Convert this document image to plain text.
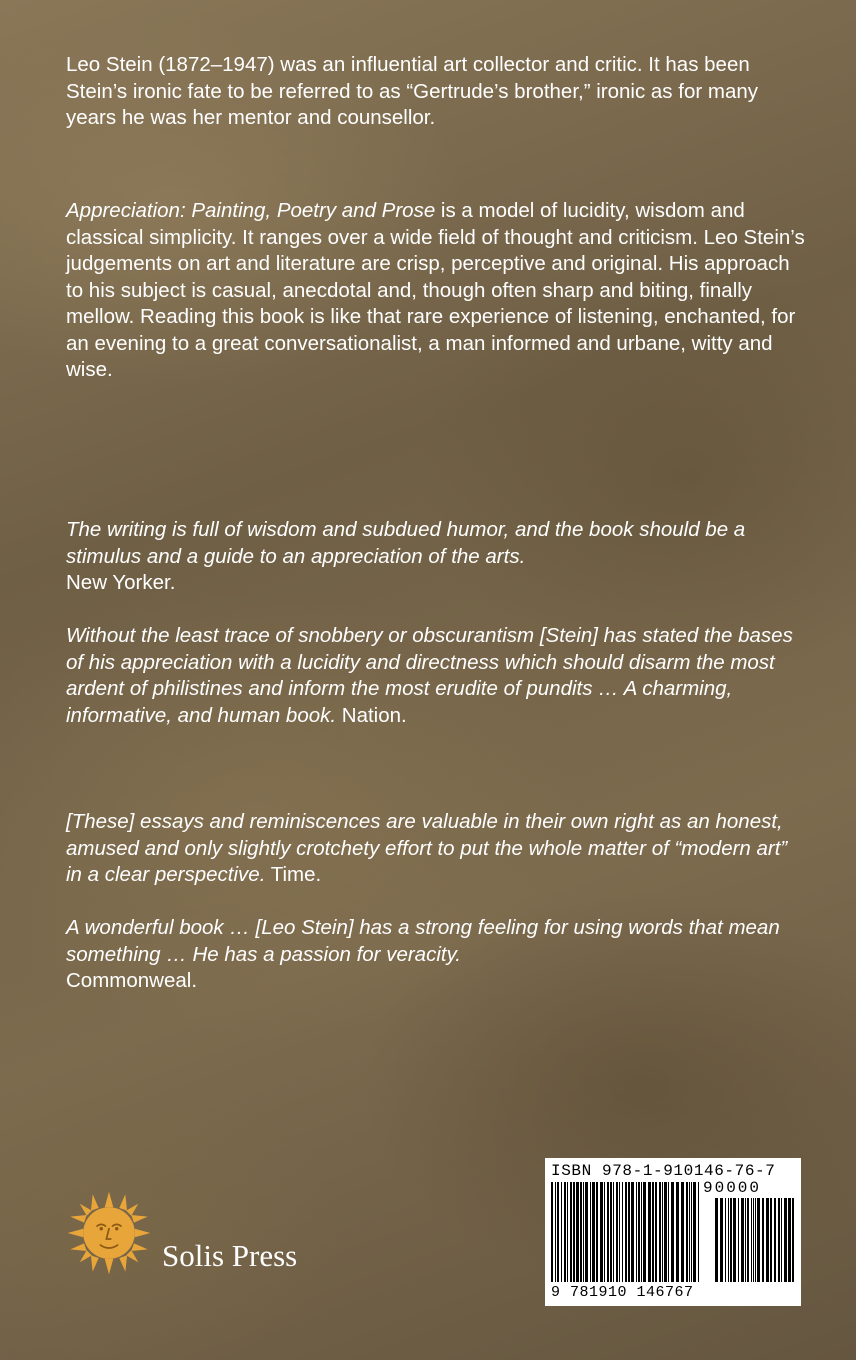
Leo Stein (1872–1947) was an influential art collector and critic. It has been Stein’s ironic fate to be referred to as “Gertrude’s brother,” ironic as for many years he was her mentor and counsellor.

Appreciation: Painting, Poetry and Prose is a model of lucidity, wisdom and classical simplicity. It ranges over a wide field of thought and criticism. Leo Stein’s judgements on art and literature are crisp, perceptive and original. His approach to his subject is casual, anecdotal and, though often sharp and biting, finally mellow. Reading this book is like that rare experience of listening, enchanted, for an evening to a great conversationalist, a man informed and urbane, witty and wise.

The writing is full of wisdom and subdued humor, and the book should be a stimulus and a guide to an appreciation of the arts.
New Yorker.

Without the least trace of snobbery or obscurantism [Stein] has stated the bases of his appreciation with a lucidity and directness which should disarm the most ardent of philistines and inform the most erudite of pundits … A charming, informative, and human book. Nation.

[These] essays and reminiscences are valuable in their own right as an honest, amused and only slightly crotchety effort to put the whole matter of “modern art” in a clear perspective. Time.

A wonderful book … [Leo Stein] has a strong feeling for using words that mean something … He has a passion for veracity.
Commonweal.

Solis Press
ISBN 978-1-910146-76-7
90000
9 781910 146767
